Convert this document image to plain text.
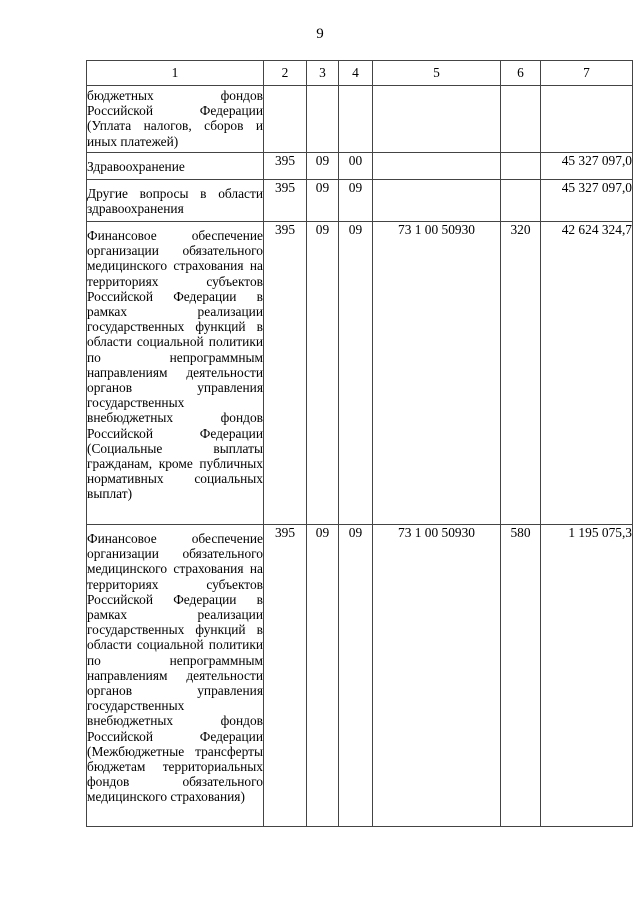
9
1	2	3	4	5	6	7
бюджетных фондов Российской Федерации (Уплата налогов, сборов и иных платежей)						
Здравоохранение	395	09	00			45 327 097,0
Другие вопросы в области здравоохранения	395	09	09			45 327 097,0
Финансовое обеспечение организации обязательного медицинского страхования на территориях субъектов Российской Федерации в рамках реализации государственных функций в области социальной политики по непрограммным направлениям деятельности органов управления государственных внебюджетных фондов Российской Федерации (Социальные выплаты гражданам, кроме публичных нормативных социальных выплат)	395	09	09	73 1 00 50930	320	42 624 324,7
Финансовое обеспечение организации обязательного медицинского страхования на территориях субъектов Российской Федерации в рамках реализации государственных функций в области социальной политики по непрограммным направлениям деятельности органов управления государственных внебюджетных фондов Российской Федерации (Межбюджетные трансферты бюджетам территориальных фондов обязательного медицинского страхования)	395	09	09	73 1 00 50930	580	1 195 075,3
